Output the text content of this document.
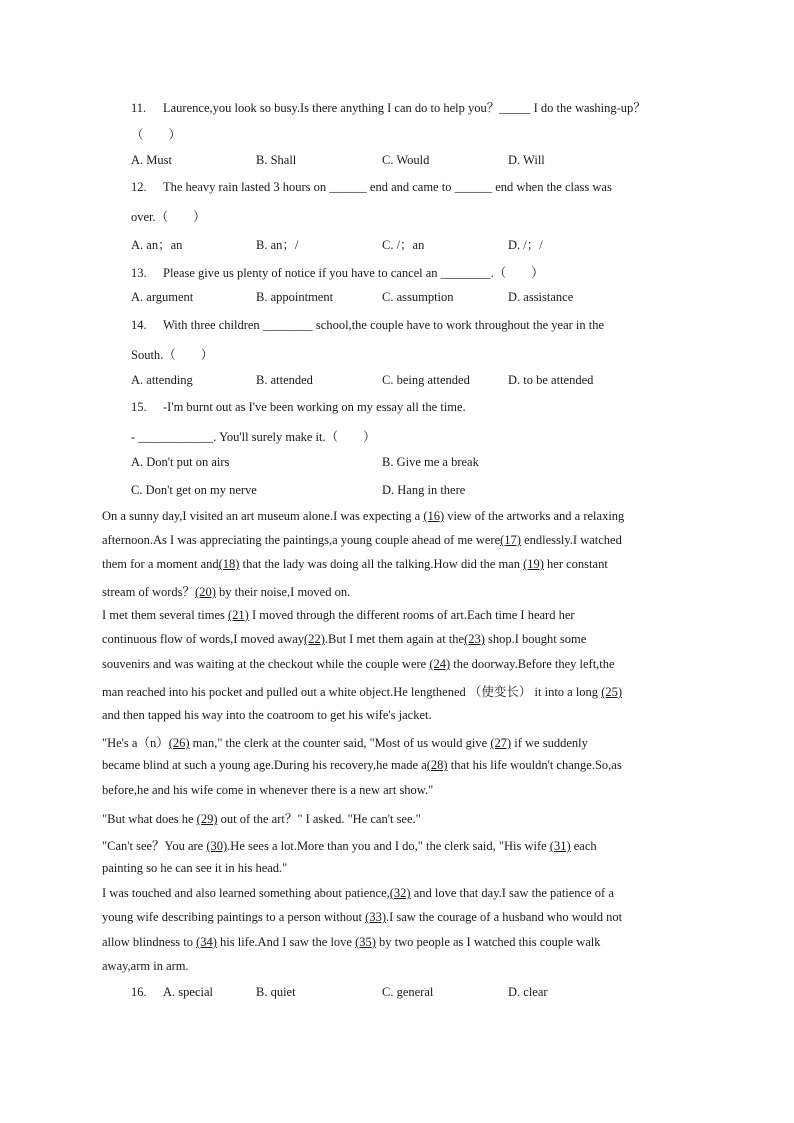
11. Laurence,you look so busy.Is there anything I can do to help you？_____ I do the washing-up？
（　　）
A. Must	B. Shall	C. Would	D. Will
12. The heavy rain lasted 3 hours on ______ end and came to ______ end when the class was
over.（　　）
A. an；an	B. an；/	C. /；an	D. /；/
13. Please give us plenty of notice if you have to cancel an ________.（　　）
A. argument	B. appointment	C. assumption	D. assistance
14. With three children ________ school,the couple have to work throughout the year in the
South.（　　）
A. attending	B. attended	C. being attended	D. to be attended
15. -I'm burnt out as I've been working on my essay all the time.
- ____________. You'll surely make it.（　　）
A. Don't put on airs	B. Give me a break
C. Don't get on my nerve	D. Hang in there
On a sunny day,I visited an art museum alone.I was expecting a (16) view of the artworks and a relaxing
afternoon.As I was appreciating the paintings,a young couple ahead of me were(17) endlessly.I watched
them for a moment and(18) that the lady was doing all the talking.How did the man (19) her constant
stream of words？(20) by their noise,I moved on.
I met them several times (21) I moved through the different rooms of art.Each time I heard her
continuous flow of words,I moved away(22).But I met them again at the(23) shop.I bought some
souvenirs and was waiting at the checkout while the couple were (24) the doorway.Before they left,the
man reached into his pocket and pulled out a white object.He lengthened （使变长） it into a long (25)
and then tapped his way into the coatroom to get his wife's jacket.
"He's a（n）(26) man," the clerk at the counter said, "Most of us would give (27) if we suddenly
became blind at such a young age.During his recovery,he made a(28) that his life wouldn't change.So,as
before,he and his wife come in whenever there is a new art show."
"But what does he (29) out of the art？" I asked. "He can't see."
"Can't see？You are (30).He sees a lot.More than you and I do," the clerk said, "His wife (31) each
painting so he can see it in his head."
I was touched and also learned something about patience,(32) and love that day.I saw the patience of a
young wife describing paintings to a person without (33).I saw the courage of a husband who would not
allow blindness to (34) his life.And I saw the love (35) by two people as I watched this couple walk
away,arm in arm.
16.	A. special	B. quiet	C. general	D. clear
